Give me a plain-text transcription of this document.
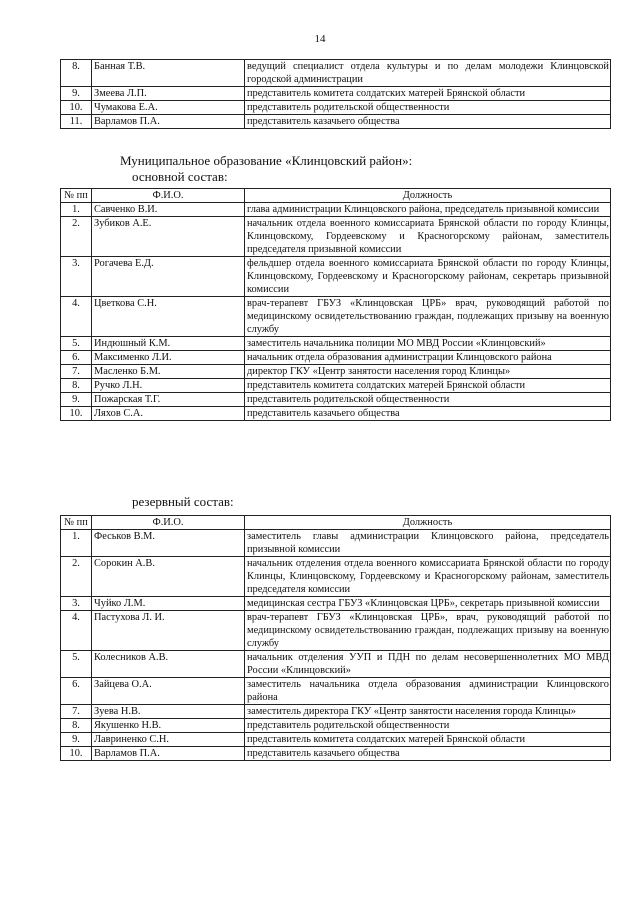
14
8.	Банная Т.В.	ведущий специалист отдела культуры и по делам молодежи Клинцовской городской администрации
9.	Змеева Л.П.	представитель комитета солдатских матерей Брянской области
10.	Чумакова Е.А.	представитель родительской общественности
11.	Варламов П.А.	представитель казачьего общества
Муниципальное образование «Клинцовский район»:
основной состав:
№ пп	Ф.И.О.	Должность
1.	Савченко В.И.	глава администрации Клинцовского района, председатель призывной комиссии
2.	Зубиков А.Е.	начальник отдела военного комиссариата Брянской области по городу Клинцы, Клинцовскому, Гордеевскому и Красногорскому районам, заместитель председателя призывной комиссии
3.	Рогачева Е.Д.	фельдшер отдела военного комиссариата Брянской области по городу Клинцы, Клинцовскому, Гордеевскому и Красногорскому районам, секретарь призывной комиссии
4.	Цветкова С.Н.	врач-терапевт ГБУЗ «Клинцовская ЦРБ» врач, руководящий работой по медицинскому освидетельствованию граждан, подлежащих призыву на военную службу
5.	Индюшный К.М.	заместитель начальника полиции МО МВД России «Клинцовский»
6.	Максименко Л.И.	начальник отдела образования администрации Клинцовского района
7.	Масленко Б.М.	директор ГКУ «Центр занятости населения город Клинцы»
8.	Ручко Л.Н.	представитель комитета солдатских матерей Брянской области
9.	Пожарская Т.Г.	представитель родительской общественности
10.	Ляхов С.А.	представитель казачьего общества
резервный состав:
№ пп	Ф.И.О.	Должность
1.	Феськов В.М.	заместитель главы администрации Клинцовского района, председатель призывной комиссии
2.	Сорокин А.В.	начальник отделения отдела военного комиссариата Брянской области по городу Клинцы, Клинцовскому, Гордеевскому и Красногорскому районам, заместитель председателя комиссии
3.	Чуйко Л.М.	медицинская сестра ГБУЗ «Клинцовская ЦРБ», секретарь призывной комиссии
4.	Пастухова Л. И.	врач-терапевт ГБУЗ «Клинцовская ЦРБ», врач, руководящий работой по медицинскому освидетельствованию граждан, подлежащих призыву на военную службу
5.	Колесников А.В.	начальник отделения УУП и ПДН по делам несовершеннолетних МО МВД России «Клинцовский»
6.	Зайцева О.А.	заместитель начальника отдела образования администрации Клинцовского района
7.	Зуева Н.В.	заместитель директора ГКУ «Центр занятости населения города Клинцы»
8.	Якушенко Н.В.	представитель родительской общественности
9.	Лавриненко С.Н.	представитель комитета солдатских матерей Брянской области
10.	Варламов П.А.	представитель казачьего общества
